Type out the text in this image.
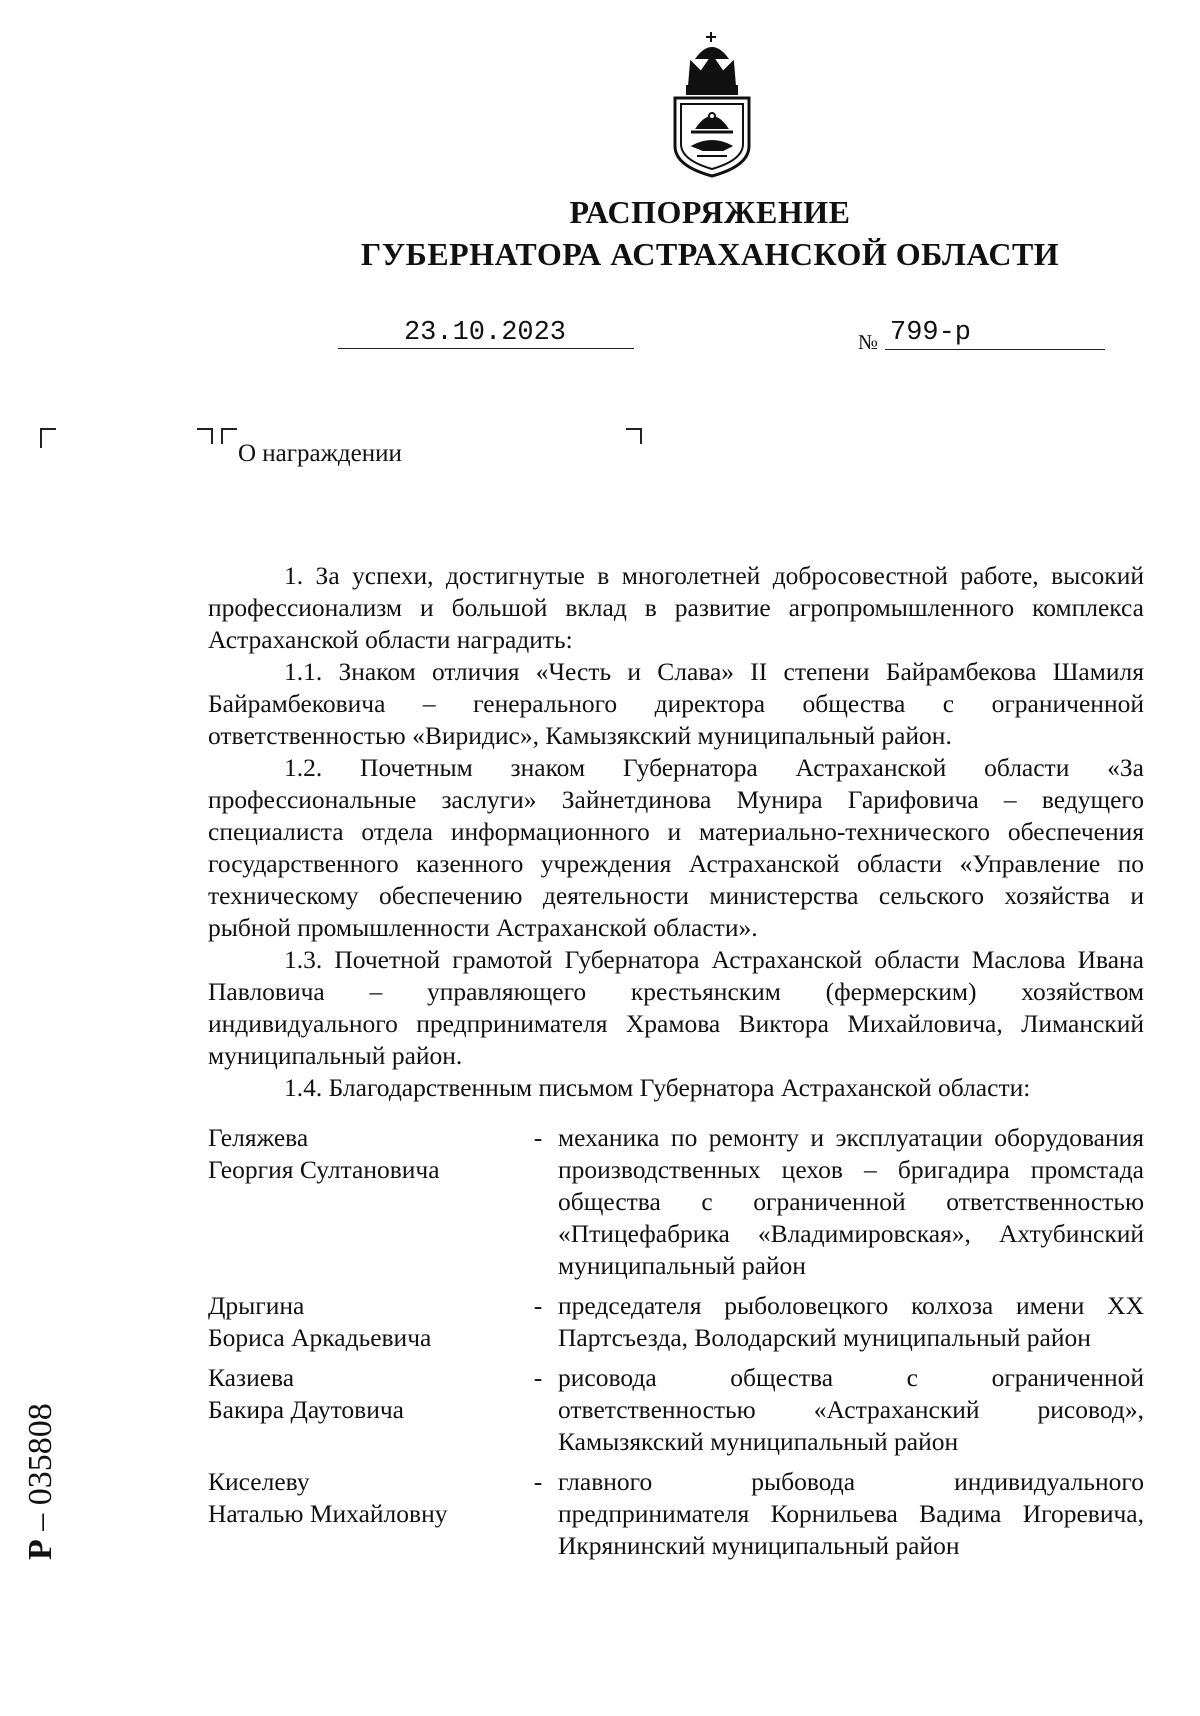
РАСПОРЯЖЕНИЕ
ГУБЕРНАТОРА АСТРАХАНСКОЙ ОБЛАСТИ
23.10.2023	№ 799-р
О награждении

1. За успехи, достигнутые в многолетней добросовестной работе, высокий профессионализм и большой вклад в развитие агропромышленного комплекса Астраханской области наградить:

1.1. Знаком отличия «Честь и Слава» II степени Байрамбекова Шамиля Байрамбековича – генерального директора общества с ограниченной ответственностью «Виридис», Камызякский муниципальный район.

1.2. Почетным знаком Губернатора Астраханской области «За профессиональные заслуги» Зайнетдинова Мунира Гарифовича – ведущего специалиста отдела информационного и материально-технического обеспечения государственного казенного учреждения Астраханской области «Управление по техническому обеспечению деятельности министерства сельского хозяйства и рыбной промышленности Астраханской области».

1.3. Почетной грамотой Губернатора Астраханской области Маслова Ивана Павловича – управляющего крестьянским (фермерским) хозяйством индивидуального предпринимателя Храмова Виктора Михайловича, Лиманский муниципальный район.

1.4. Благодарственным письмом Губернатора Астраханской области:

Геляжева
Георгия Султановича
- механика по ремонту и эксплуатации оборудования производственных цехов – бригадира промстада общества с ограниченной ответственностью «Птицефабрика «Владимировская», Ахтубинский муниципальный район
Дрыгина
Бориса Аркадьевича
- председателя рыболовецкого колхоза имени XX Партсъезда, Володарский муниципальный район
Казиева
Бакира Даутовича
- рисовода общества с ограниченной ответственностью «Астраханский рисовод», Камызякский муниципальный район
Киселеву
Наталью Михайловну
- главного рыбовода индивидуального предпринимателя Корнильева Вадима Игоревича, Икрянинский муниципальный район
Р – 035808
